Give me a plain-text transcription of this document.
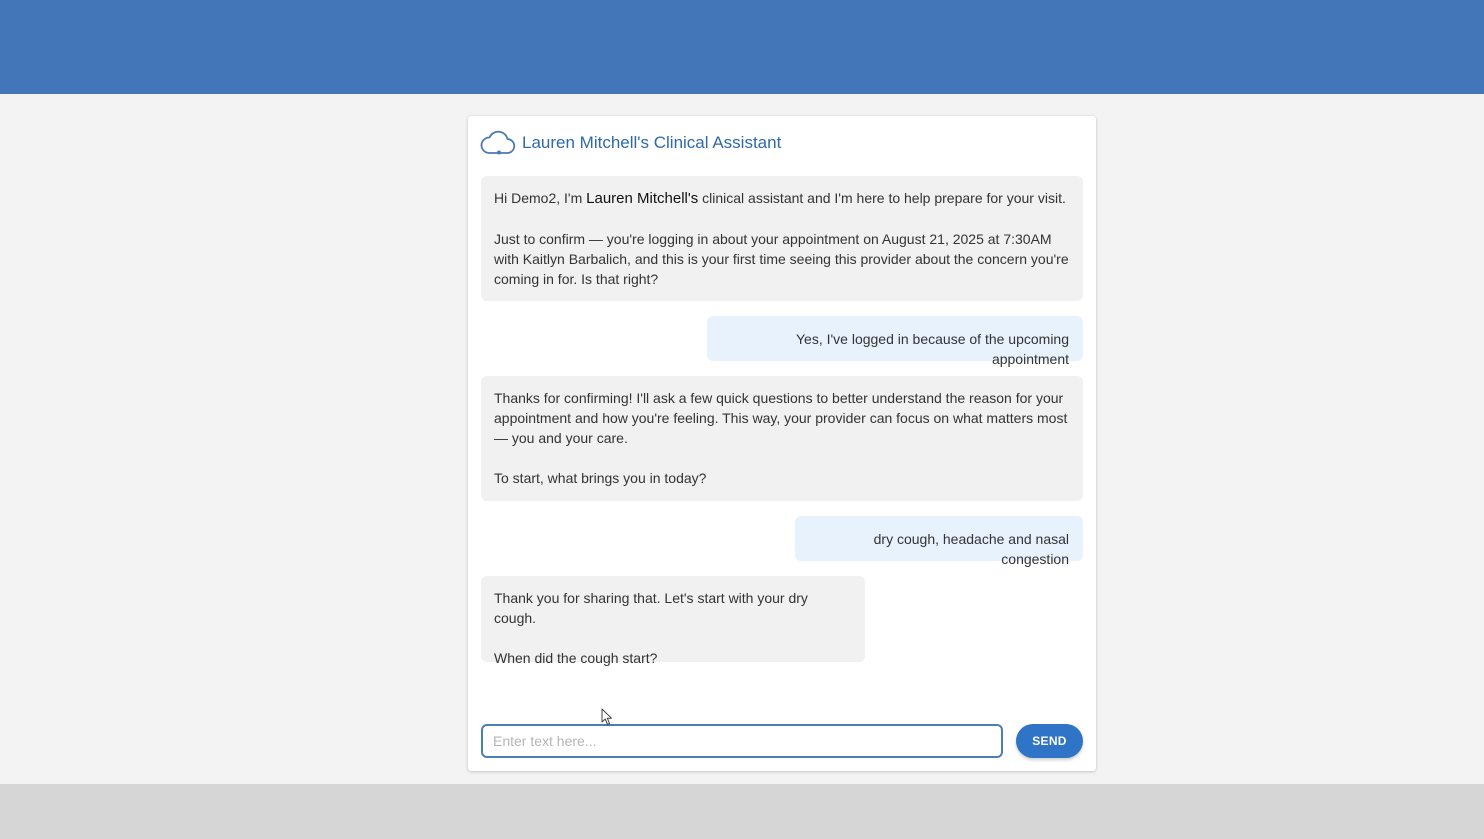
Lauren Mitchell's Clinical Assistant

Hi Demo2, I'm Lauren Mitchell's clinical assistant and I'm here to help prepare for your visit.

Just to confirm — you're logging in about your appointment on August 21, 2025 at 7:30AM with Kaitlyn Barbalich, and this is your first time seeing this provider about the concern you're coming in for. Is that right?

Yes, I've logged in because of the upcoming appointment

Thanks for confirming! I'll ask a few quick questions to better understand the reason for your appointment and how you're feeling. This way, your provider can focus on what matters most — you and your care.

To start, what brings you in today?

dry cough, headache and nasal congestion

Thank you for sharing that. Let's start with your dry cough.

When did the cough start?

Enter text here...
SEND
